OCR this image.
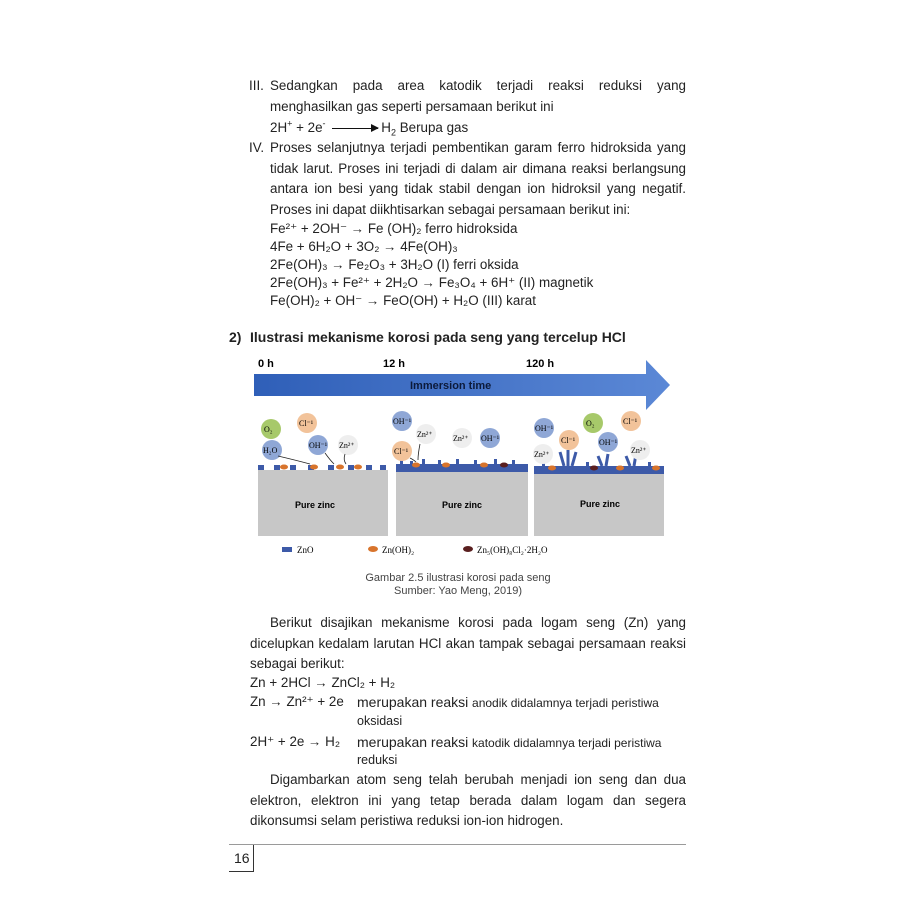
III. Sedangkan pada area katodik terjadi reaksi reduksi yang menghasilkan gas seperti persamaan berikut ini
$2H^+ + 2e^- \to H_2$ Berupa gas
IV. Proses selanjutnya terjadi pembentikan garam ferro hidroksida yang tidak larut. Proses ini terjadi di dalam air dimana reaksi berlangsung antara ion besi yang tidak stabil dengan ion hidroksil yang negatif. Proses ini dapat diikhtisarkan sebagai persamaan berikut ini:
Fe²⁺ + 2OH⁻ → Fe (OH)₂ ferro hidroksida
4Fe + 6H₂O + 3O₂ → 4Fe(OH)₃
2Fe(OH)₃ → Fe₂O₃ + 3H₂O (I) ferri oksida
2Fe(OH)₃ + Fe²⁺ + 2H₂O → Fe₃O₄ + 6H⁺ (II) magnetik
Fe(OH)₂ + OH⁻ → FeO(OH) + H₂O (III) karat
2) Ilustrasi mekanisme korosi pada seng yang tercelup HCl
0 h	12 h	120 h
Immersion time
O₂
Cl⁻¹
H₂O
OH⁻¹ Zn²⁺
Pure zinc
OH⁻¹
Zn²⁺
Cl⁻¹
Zn²⁺ OH⁻¹
Pure zinc
OH⁻¹
O₂	Cl⁻¹
Cl⁻¹	OH⁻¹
Zn²⁺	Zn²⁺
Pure zinc
ZnO	Zn(OH)₂	Zn₅(OH)₈Cl₂·2H₂O
Gambar 2.5 ilustrasi korosi pada seng
Sumber: Yao Meng, 2019)
Berikut disajikan mekanisme korosi pada logam seng (Zn) yang dicelupkan kedalam larutan HCl akan tampak sebagai persamaan reaksi sebagai berikut:
Zn + 2HCl → ZnCl₂ + H₂
Zn → Zn²⁺ + 2e merupakan reaksi anodik didalamnya terjadi peristiwa
oksidasi
2H⁺ + 2e → H₂ merupakan reaksi katodik didalamnya terjadi peristiwa
reduksi
Digambarkan atom seng telah berubah menjadi ion seng dan dua elektron, elektron ini yang tetap berada dalam logam dan segera dikonsumsi selam peristiwa reduksi ion-ion hidrogen.
16
